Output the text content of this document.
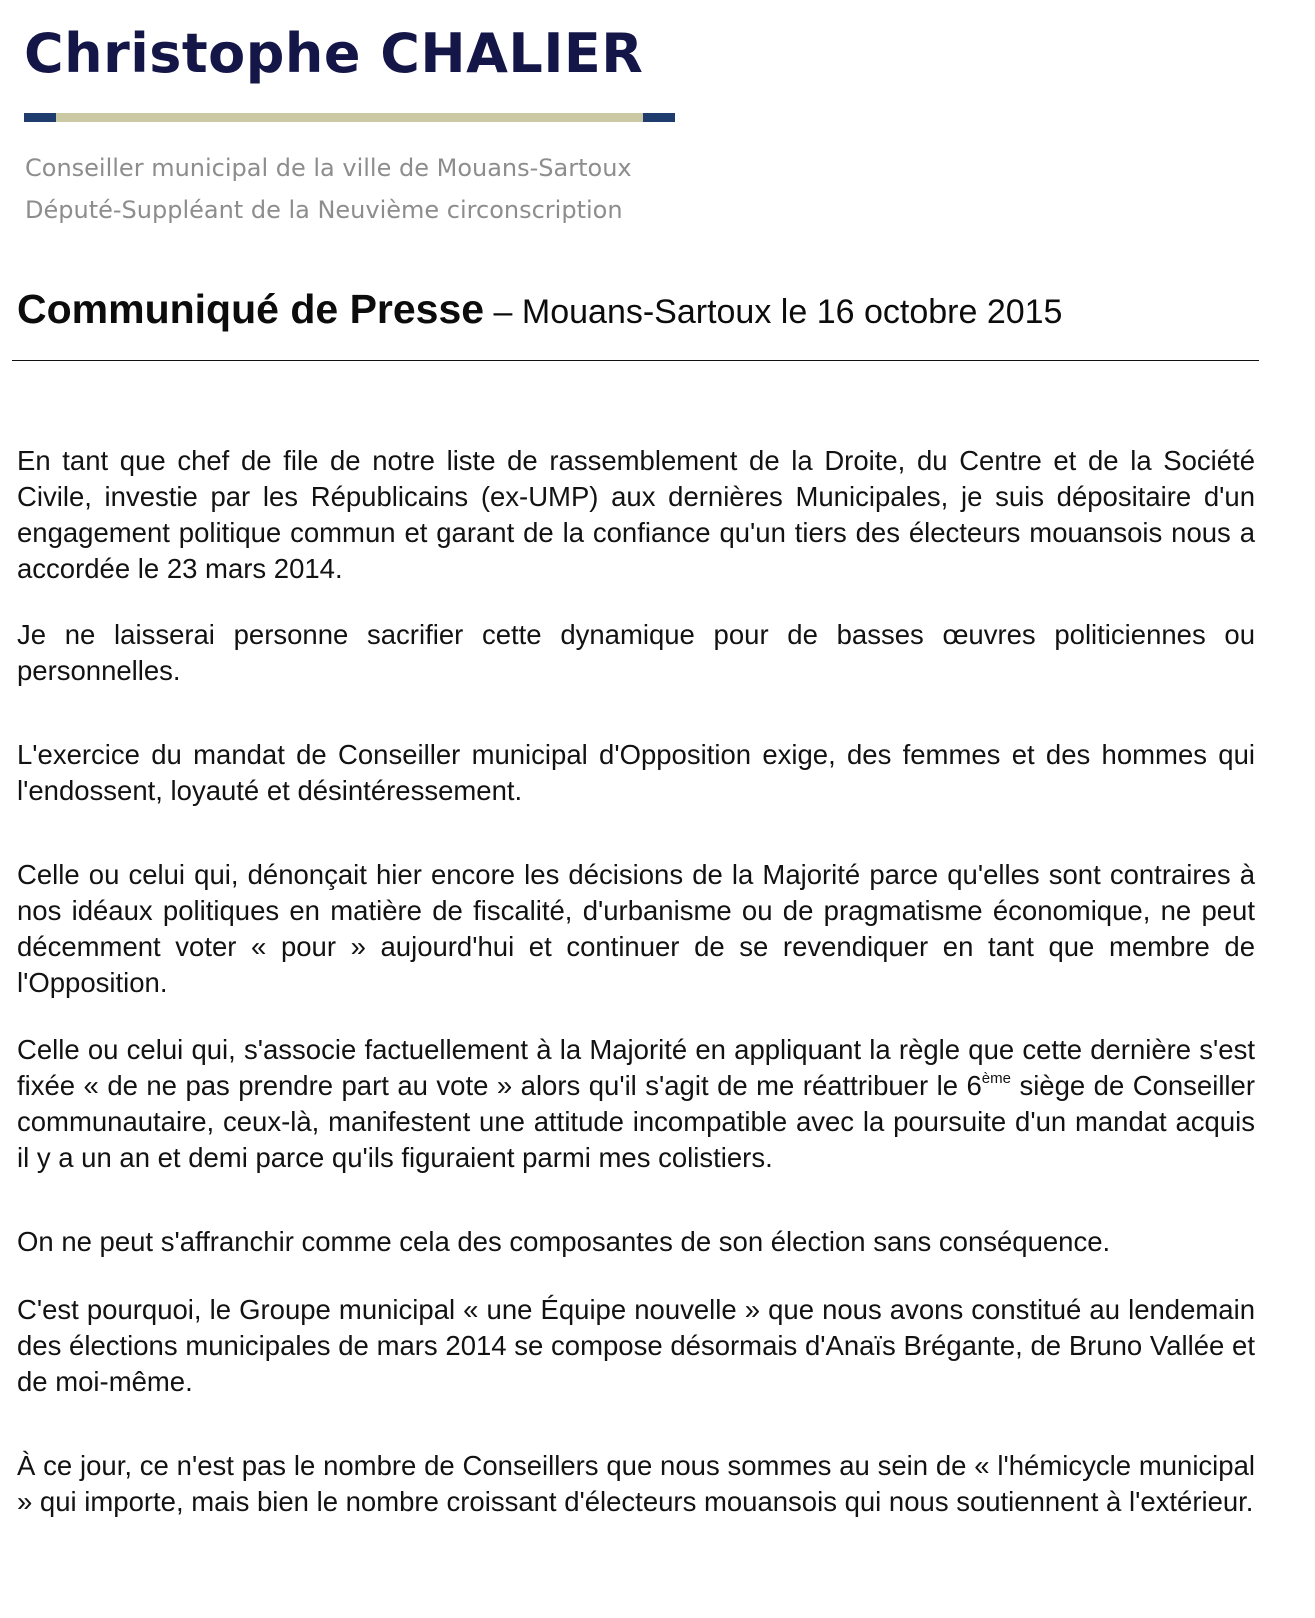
Christophe CHALIER
Conseiller municipal de la ville de Mouans-Sartoux
Député-Suppléant de la Neuvième circonscription
Communiqué de Presse – Mouans-Sartoux le 16 octobre 2015

En tant que chef de file de notre liste de rassemblement de la Droite, du Centre et de la Société Civile, investie par les Républicains (ex-UMP) aux dernières Municipales, je suis dépositaire d'un engagement politique commun et garant de la confiance qu'un tiers des électeurs mouansois nous a accordée le 23 mars 2014.

Je ne laisserai personne sacrifier cette dynamique pour de basses œuvres politiciennes ou personnelles.

L'exercice du mandat de Conseiller municipal d'Opposition exige, des femmes et des hommes qui l'endossent, loyauté et désintéressement.

Celle ou celui qui, dénonçait hier encore les décisions de la Majorité parce qu'elles sont contraires à nos idéaux politiques en matière de fiscalité, d'urbanisme ou de pragmatisme économique, ne peut décemment voter « pour » aujourd'hui et continuer de se revendiquer en tant que membre de l'Opposition.

Celle ou celui qui, s'associe factuellement à la Majorité en appliquant la règle que cette dernière s'est fixée « de ne pas prendre part au vote » alors qu'il s'agit de me réattribuer le 6ème siège de Conseiller communautaire, ceux-là, manifestent une attitude incompatible avec la poursuite d'un mandat acquis il y a un an et demi parce qu'ils figuraient parmi mes colistiers.

On ne peut s'affranchir comme cela des composantes de son élection sans conséquence.

C'est pourquoi, le Groupe municipal « une Équipe nouvelle » que nous avons constitué au lendemain des élections municipales de mars 2014 se compose désormais d'Anaïs Brégante, de Bruno Vallée et de moi-même.

À ce jour, ce n'est pas le nombre de Conseillers que nous sommes au sein de « l'hémicycle municipal » qui importe, mais bien le nombre croissant d'électeurs mouansois qui nous soutiennent à l'extérieur.
